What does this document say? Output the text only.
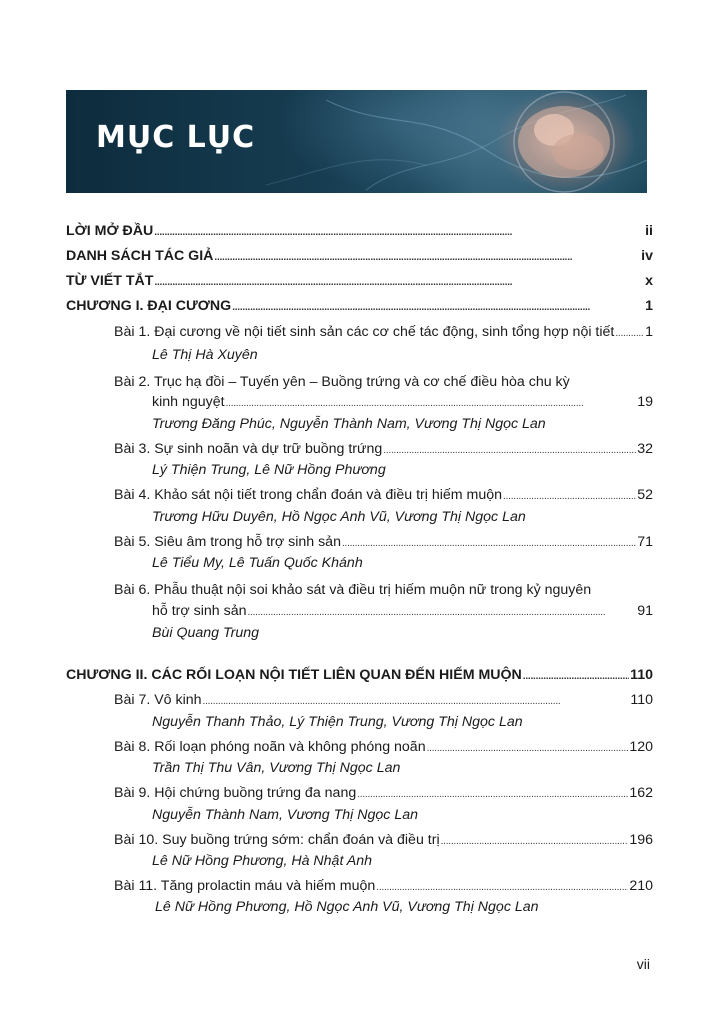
MỤC LỤC
LỜI MỞ ĐẦU . . .	ii
DANH SÁCH TÁC GIẢ . . .	iv
TỪ VIẾT TẮT . . .	x
CHƯƠNG I. ĐẠI CƯƠNG . . .	1
Bài 1. Đại cương về nội tiết sinh sản các cơ chế tác động, sinh tổng hợp nội tiết . . . 1
Lê Thị Hà Xuyên
Bài 2. Trục hạ đồi – Tuyến yên – Buồng trứng và cơ chế điều hòa chu kỳ
kinh nguyệt . . .	19
Trương Đăng Phúc, Nguyễn Thành Nam, Vương Thị Ngọc Lan
Bài 3. Sự sinh noãn và dự trữ buồng trứng . . .	32
Lý Thiện Trung, Lê Nữ Hồng Phương
Bài 4. Khảo sát nội tiết trong chẩn đoán và điều trị hiếm muộn . . .	52
Trương Hữu Duyên, Hồ Ngọc Anh Vũ, Vương Thị Ngọc Lan
Bài 5. Siêu âm trong hỗ trợ sinh sản . . .	71
Lê Tiểu My, Lê Tuấn Quốc Khánh
Bài 6. Phẫu thuật nội soi khảo sát và điều trị hiếm muộn nữ trong kỷ nguyên
hỗ trợ sinh sản . . .	91
Bùi Quang Trung
CHƯƠNG II. CÁC RỐI LOẠN NỘI TIẾT LIÊN QUAN ĐẾN HIẾM MUỘN . . .	110
Bài 7. Vô kinh . . .	110
Nguyễn Thanh Thảo, Lý Thiện Trung, Vương Thị Ngọc Lan
Bài 8. Rối loạn phóng noãn và không phóng noãn . . .	120
Trần Thị Thu Vân, Vương Thị Ngọc Lan
Bài 9. Hội chứng buồng trứng đa nang . . .	162
Nguyễn Thành Nam, Vương Thị Ngọc Lan
Bài 10. Suy buồng trứng sớm: chẩn đoán và điều trị . . .	196
Lê Nữ Hồng Phương, Hà Nhật Anh
Bài 11. Tăng prolactin máu và hiếm muộn . . .	210
Lê Nữ Hồng Phương, Hồ Ngọc Anh Vũ, Vương Thị Ngọc Lan
vii
